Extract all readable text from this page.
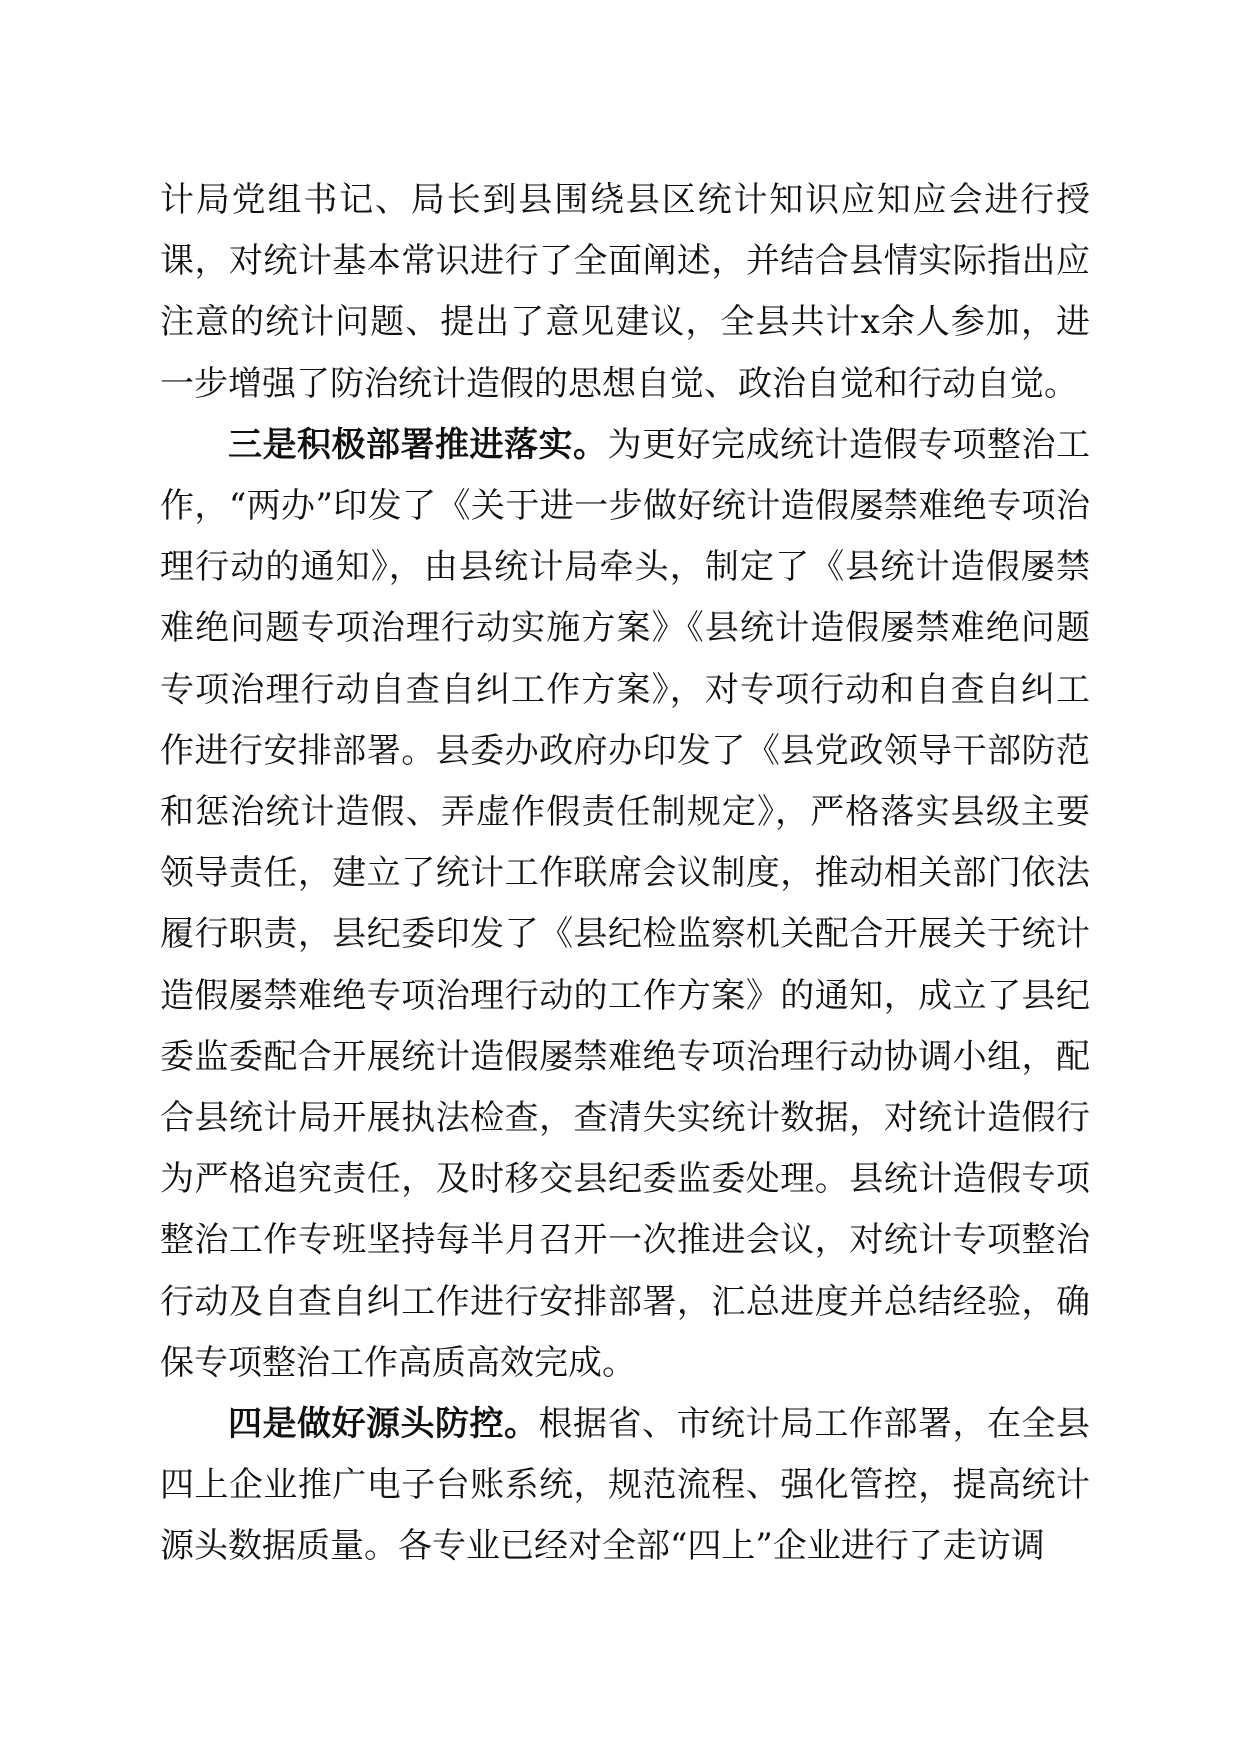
计局党组书记、局长到县围绕县区统计知识应知应会进行授课，对统计基本常识进行了全面阐述，并结合县情实际指出应注意的统计问题、提出了意见建议，全县共计x余人参加，进一步增强了防治统计造假的思想自觉、政治自觉和行动自觉。

三是积极部署推进落实。为更好完成统计造假专项整治工作，“两办”印发了《关于进一步做好统计造假屡禁难绝专项治理行动的通知》，由县统计局牵头，制定了《县统计造假屡禁难绝问题专项治理行动实施方案》《县统计造假屡禁难绝问题专项治理行动自查自纠工作方案》，对专项行动和自查自纠工作进行安排部署。县委办政府办印发了《县党政领导干部防范和惩治统计造假、弄虚作假责任制规定》，严格落实县级主要领导责任，建立了统计工作联席会议制度，推动相关部门依法履行职责，县纪委印发了《县纪检监察机关配合开展关于统计造假屡禁难绝专项治理行动的工作方案》的通知，成立了县纪委监委配合开展统计造假屡禁难绝专项治理行动协调小组，配合县统计局开展执法检查，查清失实统计数据，对统计造假行为严格追究责任，及时移交县纪委监委处理。县统计造假专项整治工作专班坚持每半月召开一次推进会议，对统计专项整治行动及自查自纠工作进行安排部署，汇总进度并总结经验，确保专项整治工作高质高效完成。

四是做好源头防控。根据省、市统计局工作部署，在全县四上企业推广电子台账系统，规范流程、强化管控，提高统计源头数据质量。各专业已经对全部“四上”企业进行了走访调
